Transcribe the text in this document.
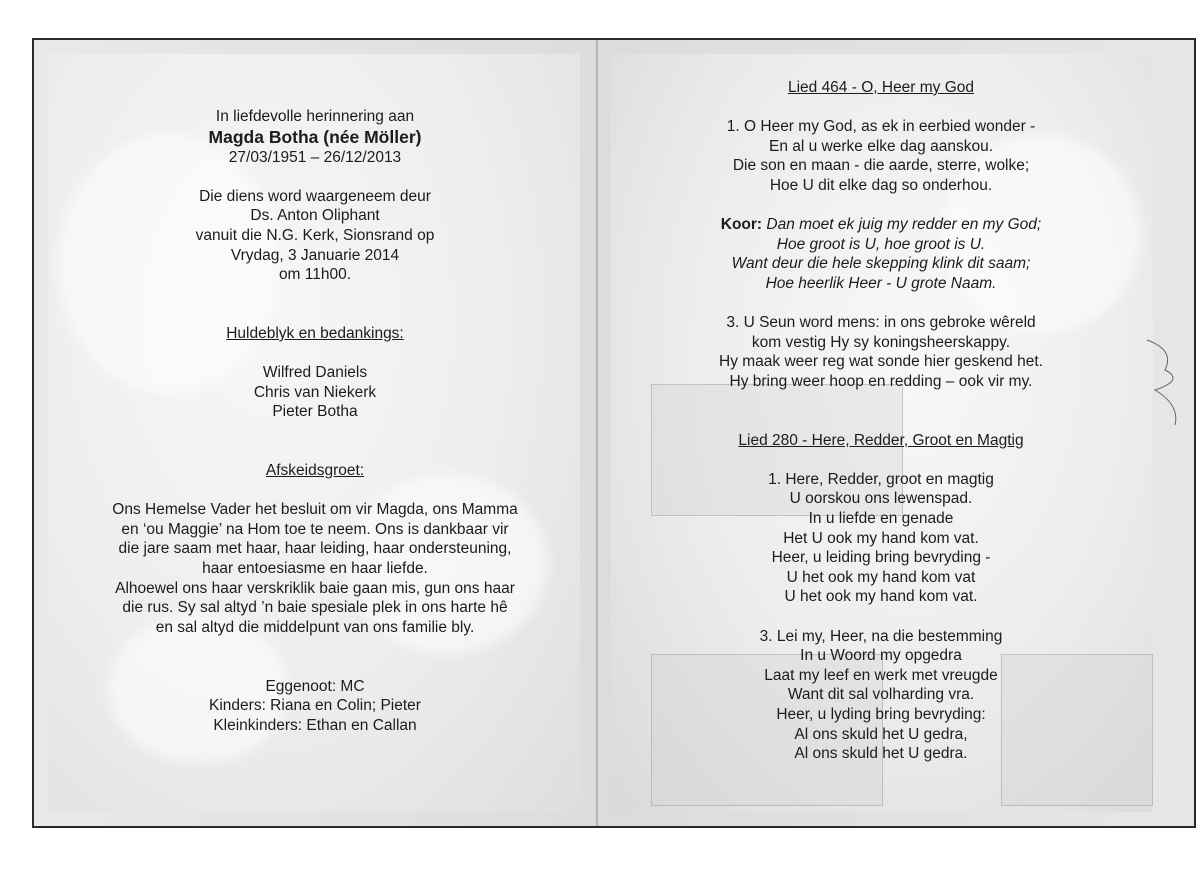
In liefdevolle herinnering aan

Magda Botha (née Möller)

27/03/1951 – 26/12/2013

Die diens word waargeneem deur

Ds. Anton Oliphant

vanuit die N.G. Kerk, Sionsrand op

Vrydag, 3 Januarie 2014

om 11h00.

Huldeblyk en bedankings:

Wilfred Daniels

Chris van Niekerk

Pieter Botha

Afskeidsgroet:

Ons Hemelse Vader het besluit om vir Magda, ons Mamma

en ‘ou Maggie’ na Hom toe te neem. Ons is dankbaar vir

die jare saam met haar, haar leiding, haar ondersteuning,

haar entoesiasme en haar liefde.

Alhoewel ons haar verskriklik baie gaan mis, gun ons haar

die rus. Sy sal altyd ’n baie spesiale plek in ons harte hê

en sal altyd die middelpunt van ons familie bly.

Eggenoot: MC

Kinders: Riana en Colin; Pieter

Kleinkinders: Ethan en Callan

Lied 464 - O, Heer my God

1. O Heer my God, as ek in eerbied wonder -

En al u werke elke dag aanskou.

Die son en maan - die aarde, sterre, wolke;

Hoe U dit elke dag so onderhou.

Koor: Dan moet ek juig my redder en my God;

Hoe groot is U, hoe groot is U.

Want deur die hele skepping klink dit saam;

Hoe heerlik Heer - U grote Naam.

3. U Seun word mens: in ons gebroke wêreld

kom vestig Hy sy koningsheerskappy.

Hy maak weer reg wat sonde hier geskend het.

Hy bring weer hoop en redding – ook vir my.

Lied 280 - Here, Redder, Groot en Magtig

1. Here, Redder, groot en magtig

U oorskou ons lewenspad.

In u liefde en genade

Het U ook my hand kom vat.

Heer, u leiding bring bevryding -

U het ook my hand kom vat

U het ook my hand kom vat.

3. Lei my, Heer, na die bestemming

In u Woord my opgedra

Laat my leef en werk met vreugde

Want dit sal volharding vra.

Heer, u lyding bring bevryding:

Al ons skuld het U gedra,

Al ons skuld het U gedra.
